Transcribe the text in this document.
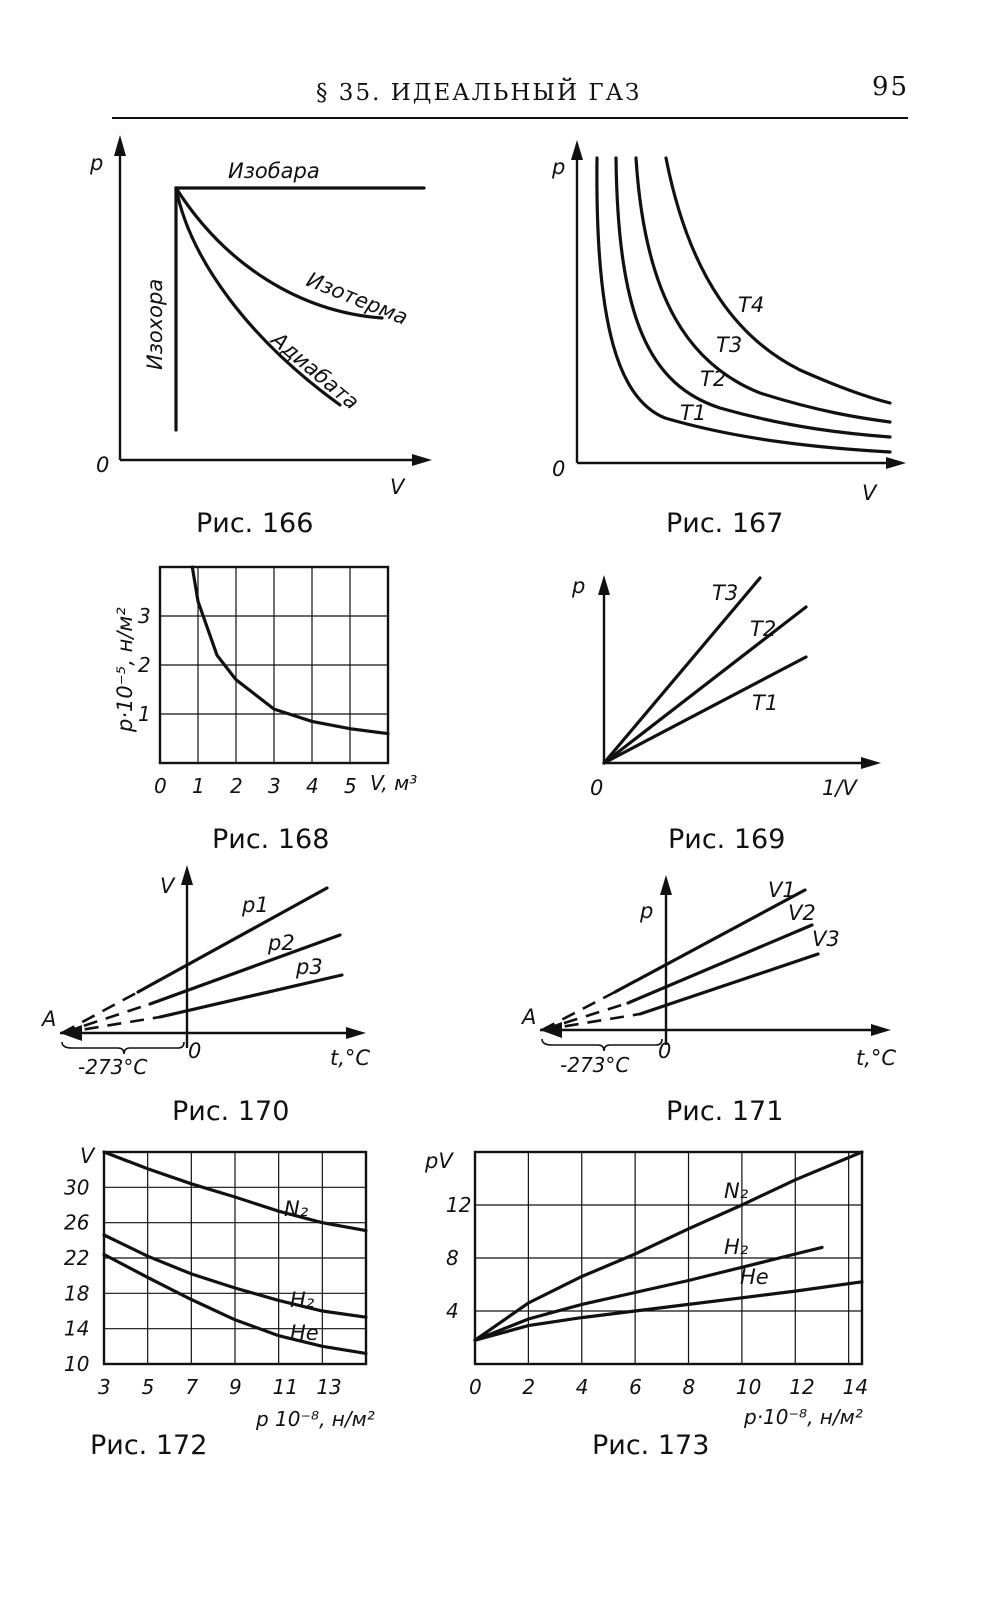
§ 35. ИДЕАЛЬНЫЙ ГАЗ	95
p
V
0
Изобара
Изотерма
Адиабата
Изохора
Рис. 166
p
V
0
T4
T3
T2
T1
Рис. 167
0 1 2 3 4 5
1
2
3
p·10⁻⁵, н/м²
V, м³
Рис. 168
p
1/V
0
T3
T2
T1
Рис. 169
V
t,°C
0
A
-273°C
p1
p2
p3
Рис. 170
p
t,°C
0
A
-273°C
V1
V2
V3
Рис. 171
3 5 7 9 11 13
10
14
18
22
26
30
N₂
H₂
He
V
p 10⁻⁸, н/м²
Рис. 172
0 2 4 6 8 10 12 14
4
8
12
N₂
H₂
He
pV
p·10⁻⁸, н/м²
Рис. 173
